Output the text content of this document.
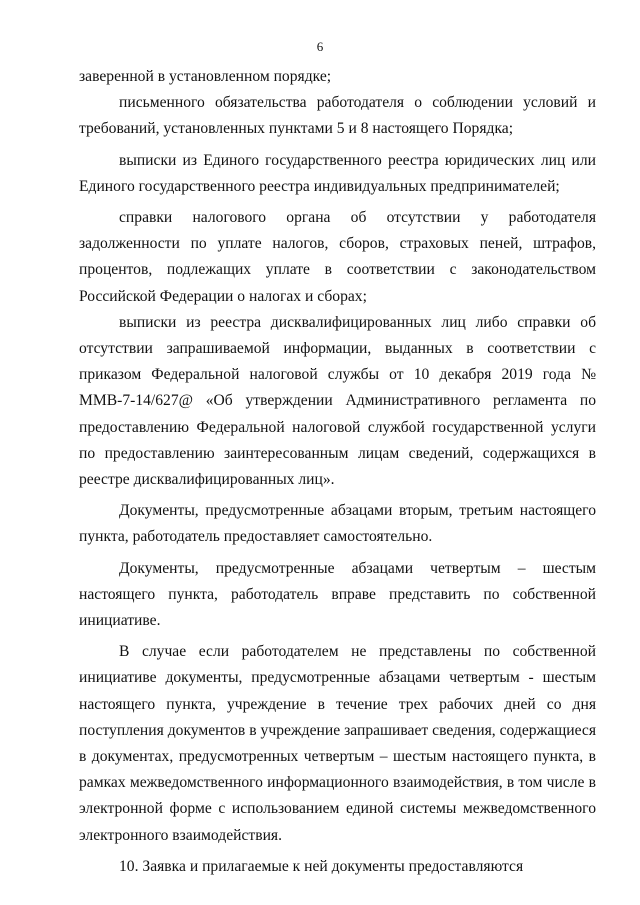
6

заверенной в установленном порядке;

письменного обязательства работодателя о соблюдении условий и требований, установленных пунктами 5 и 8 настоящего Порядка;

выписки из Единого государственного реестра юридических лиц или Единого государственного реестра индивидуальных предпринимателей;

справки налогового органа об отсутствии у работодателя задолженности по уплате налогов, сборов, страховых пеней, штрафов, процентов, подлежащих уплате в соответствии с законодательством Российской Федерации о налогах и сборах;

выписки из реестра дисквалифицированных лиц либо справки об отсутствии запрашиваемой информации, выданных в соответствии с приказом Федеральной налоговой службы от 10 декабря 2019 года № ММВ-7-14/627@ «Об утверждении Административного регламента по предоставлению Федеральной налоговой службой государственной услуги по предоставлению заинтересованным лицам сведений, содержащихся в реестре дисквалифицированных лиц».

Документы, предусмотренные абзацами вторым, третьим настоящего пункта, работодатель предоставляет самостоятельно.

Документы, предусмотренные абзацами четвертым – шестым настоящего пункта, работодатель вправе представить по собственной инициативе.

В случае если работодателем не представлены по собственной инициативе документы, предусмотренные абзацами четвертым - шестым настоящего пункта, учреждение в течение трех рабочих дней со дня поступления документов в учреждение запрашивает сведения, содержащиеся в документах, предусмотренных четвертым – шестым настоящего пункта, в рамках межведомственного информационного взаимодействия, в том числе в электронной форме с использованием единой системы межведомственного электронного взаимодействия.

10. Заявка и прилагаемые к ней документы предоставляются
